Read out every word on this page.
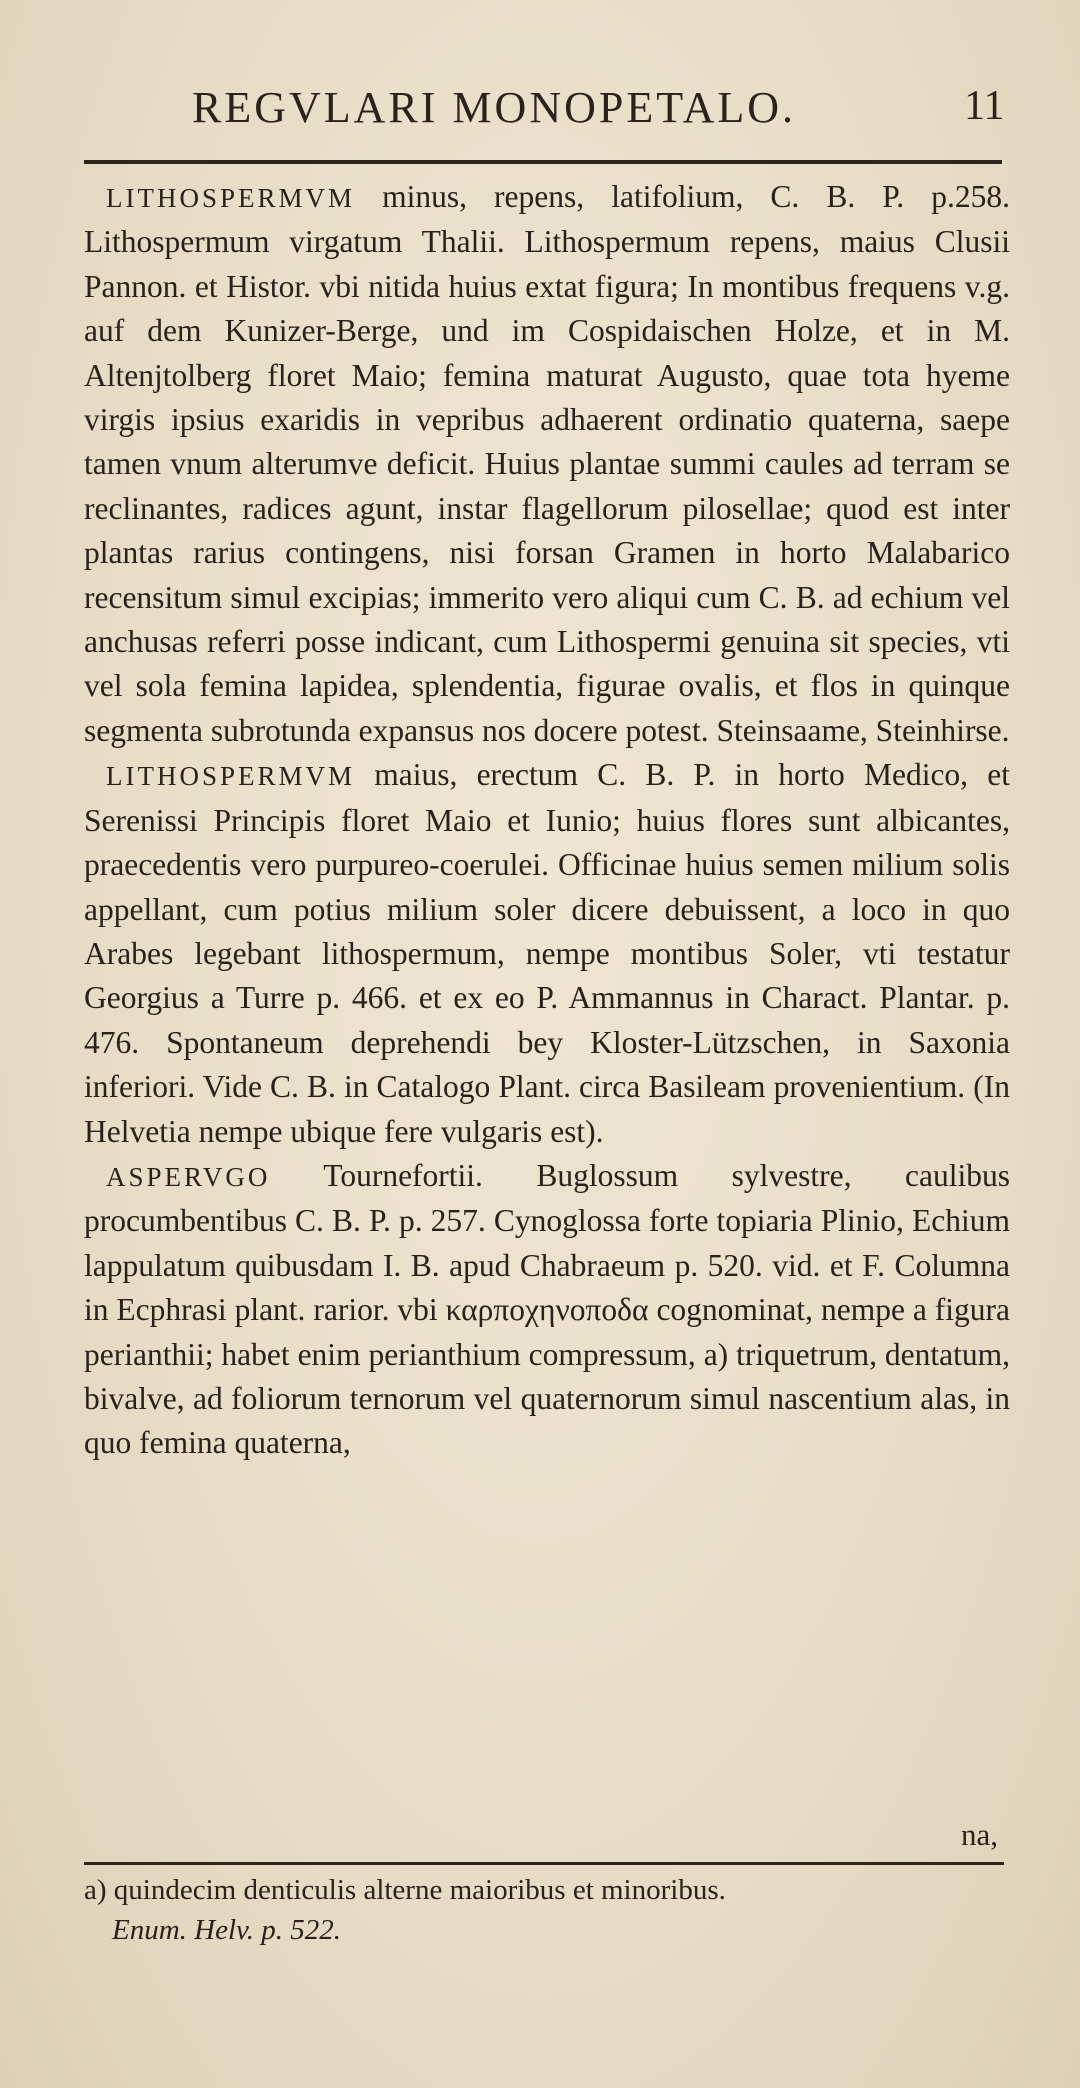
REGVLARI MONOPETALO.	11

LITHOSPERMVM minus, repens, latifolium, C. B. P. p.258. Lithospermum virgatum Thalii. Lithospermum repens, maius Clusii Pannon. et Histor. vbi nitida huius extat figura; In montibus frequens v.g. auf dem Kunizer-Berge, und im Cospidaischen Holze, et in M. Altenjtolberg floret Maio; femina maturat Augusto, quae tota hyeme virgis ipsius exaridis in vepribus adhaerent ordinatio quaterna, saepe tamen vnum alterumve deficit. Huius plantae summi caules ad terram se reclinantes, radices agunt, instar flagellorum pilosellae; quod est inter plantas rarius contingens, nisi forsan Gramen in horto Malabarico recensitum simul excipias; immerito vero aliqui cum C. B. ad echium vel anchusas referri posse indicant, cum Lithospermi genuina sit species, vti vel sola femina lapidea, splendentia, figurae ovalis, et flos in quinque segmenta subrotunda expansus nos docere potest. Steinsaame, Steinhirse.

LITHOSPERMVM maius, erectum C. B. P. in horto Medico, et Serenissi Principis floret Maio et Iunio; huius flores sunt albicantes, praecedentis vero purpureo-coerulei. Officinae huius semen milium solis appellant, cum potius milium soler dicere debuissent, a loco in quo Arabes legebant lithospermum, nempe montibus Soler, vti testatur Georgius a Turre p. 466. et ex eo P. Ammannus in Charact. Plantar. p. 476. Spontaneum deprehendi bey Kloster-Lützschen, in Saxonia inferiori. Vide C. B. in Catalogo Plant. circa Basileam provenientium. (In Helvetia nempe ubique fere vulgaris est).

ASPERVGO Tournefortii. Buglossum sylvestre, caulibus procumbentibus C. B. P. p. 257. Cynoglossa forte topiaria Plinio, Echium lappulatum quibusdam I. B. apud Chabraeum p. 520. vid. et F. Columna in Ecphrasi plant. rarior. vbi καρποχηνοποδα cognominat, nempe a figura perianthii; habet enim perianthium compressum, a) triquetrum, dentatum, bivalve, ad foliorum ternorum vel quaternorum simul nascentium alas, in quo femina quaterna,

na,
a) quindecim denticulis alterne maioribus et minoribus.
Enum. Helv. p. 522.
